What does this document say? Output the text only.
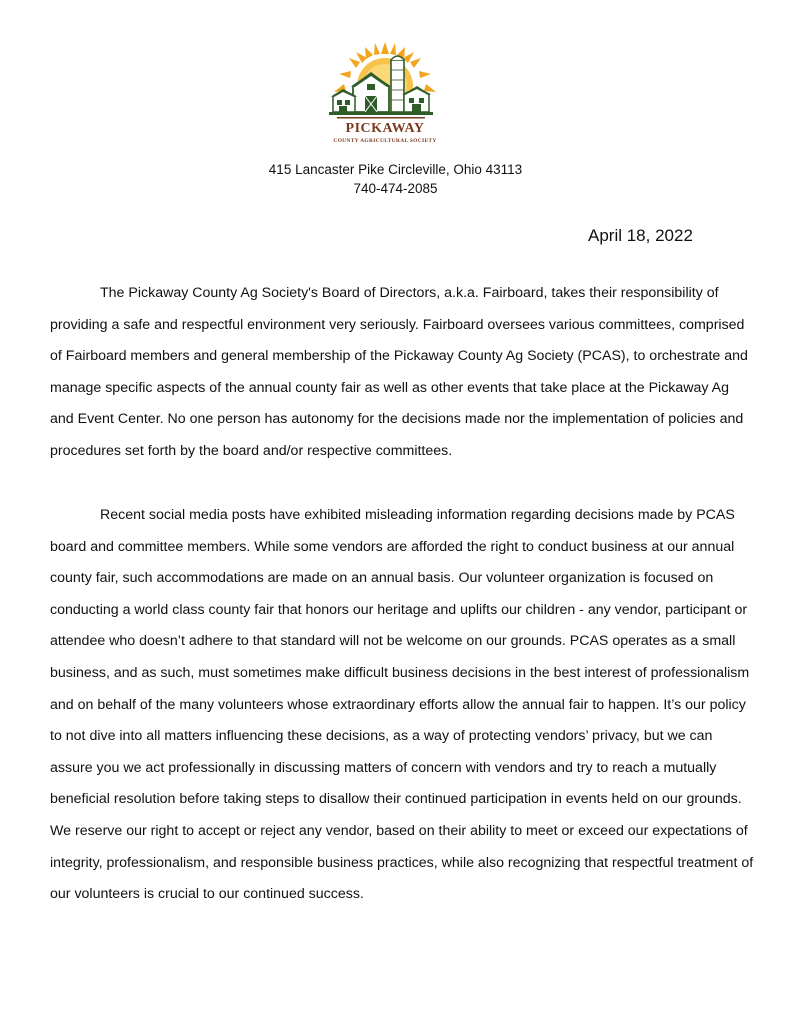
PICKAWAY
COUNTY AGRICULTURAL SOCIETY
415 Lancaster Pike Circleville, Ohio 43113
740-474-2085
April 18, 2022

The Pickaway County Ag Society's Board of Directors, a.k.a. Fairboard, takes their responsibility of providing a safe and respectful environment very seriously. Fairboard oversees various committees, comprised of Fairboard members and general membership of the Pickaway County Ag Society (PCAS), to orchestrate and manage specific aspects of the annual county fair as well as other events that take place at the Pickaway Ag and Event Center. No one person has autonomy for the decisions made nor the implementation of policies and procedures set forth by the board and/or respective committees.

Recent social media posts have exhibited misleading information regarding decisions made by PCAS board and committee members. While some vendors are afforded the right to conduct business at our annual county fair, such accommodations are made on an annual basis. Our volunteer organization is focused on conducting a world class county fair that honors our heritage and uplifts our children - any vendor, participant or attendee who doesn’t adhere to that standard will not be welcome on our grounds. PCAS operates as a small business, and as such, must sometimes make difficult business decisions in the best interest of professionalism and on behalf of the many volunteers whose extraordinary efforts allow the annual fair to happen. It’s our policy to not dive into all matters influencing these decisions, as a way of protecting vendors’ privacy, but we can assure you we act professionally in discussing matters of concern with vendors and try to reach a mutually beneficial resolution before taking steps to disallow their continued participation in events held on our grounds. We reserve our right to accept or reject any vendor, based on their ability to meet or exceed our expectations of integrity, professionalism, and responsible business practices, while also recognizing that respectful treatment of our volunteers is crucial to our continued success.
